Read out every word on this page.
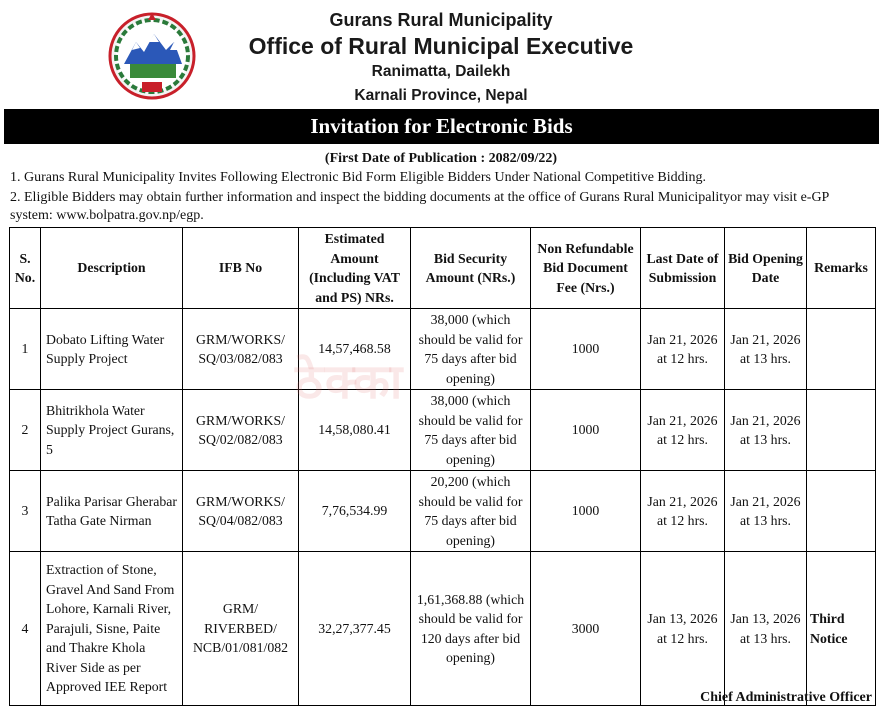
Gurans Rural Municipality
Office of Rural Municipal Executive
Ranimatta, Dailekh
Karnali Province, Nepal
Invitation for Electronic Bids
(First Date of Publication : 2082/09/22)
1. Gurans Rural Municipality Invites Following Electronic Bid Form Eligible Bidders Under National Competitive Bidding.
2. Eligible Bidders may obtain further information and inspect the bidding documents at the office of Gurans Rural Municipalityor may visit e-GP system: www.bolpatra.gov.np/egp.
S. No.	Description	IFB No	Estimated Amount (Including VAT and PS) NRs.	Bid Security Amount (NRs.)	Non Refundable Bid Document Fee (Nrs.)	Last Date of Submission	Bid Opening Date	Remarks
1	Dobato Lifting Water Supply Project	GRM/WORKS/ SQ/03/082/083	14,57,468.58	38,000 (which should be valid for 75 days after bid opening)	1000	Jan 21, 2026 at 12 hrs.	Jan 21, 2026 at 13 hrs.	
2	Bhitrikhola Water Supply Project Gurans, 5	GRM/WORKS/ SQ/02/082/083	14,58,080.41	38,000 (which should be valid for 75 days after bid opening)	1000	Jan 21, 2026 at 12 hrs.	Jan 21, 2026 at 13 hrs.	
3	Palika Parisar Gherabar Tatha Gate Nirman	GRM/WORKS/ SQ/04/082/083	7,76,534.99	20,200 (which should be valid for 75 days after bid opening)	1000	Jan 21, 2026 at 12 hrs.	Jan 21, 2026 at 13 hrs.	
4	Extraction of Stone, Gravel And Sand From Lohore, Karnali River, Parajuli, Sisne, Paite and Thakre Khola River Side as per Approved IEE Report	GRM/ RIVERBED/ NCB/01/081/082	32,27,377.45	1,61,368.88 (which should be valid for 120 days after bid opening)	3000	Jan 13, 2026 at 12 hrs.	Jan 13, 2026 at 13 hrs.	Third Notice
ठेक्का
Chief Administrative Officer
